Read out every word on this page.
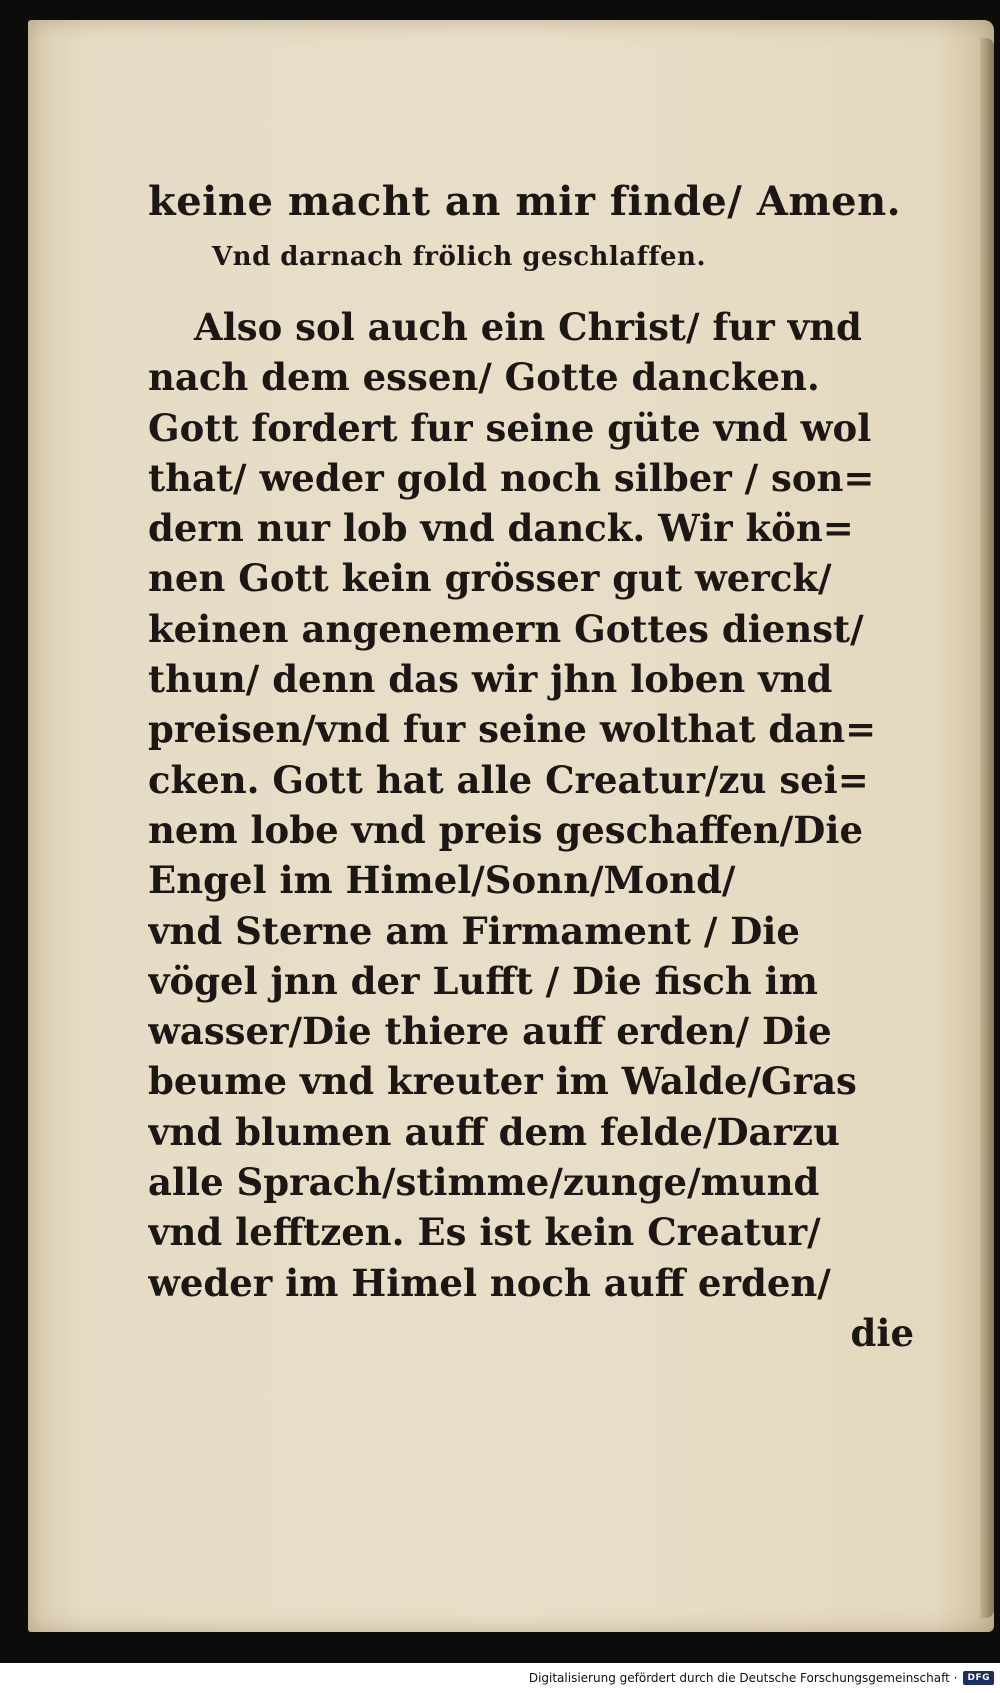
keine macht an mir finde/ Amen.
Vnd darnach frölich geschlaffen.
Also sol auch ein Christ/ fur vnd
nach dem essen/ Gotte dancken.
Gott fordert fur seine güte vnd wol
that/ weder gold noch silber / son=
dern nur lob vnd danck. Wir kön=
nen Gott kein grösser gut werck/
keinen angenemern Gottes dienst/
thun/ denn das wir jhn loben vnd
preisen/vnd fur seine wolthat dan=
cken. Gott hat alle Creatur/zu sei=
nem lobe vnd preis geschaffen/Die
Engel im Himel/Sonn/Mond/
vnd Sterne am Firmament / Die
vögel jnn der Lufft / Die fisch im
wasser/Die thiere auff erden/ Die
beume vnd kreuter im Walde/Gras
vnd blumen auff dem felde/Darzu
alle Sprach/stimme/zunge/mund
vnd lefftzen. Es ist kein Creatur/
weder im Himel noch auff erden/
die
Digitalisierung gefördert durch die Deutsche Forschungsgemeinschaft ·	DFG
